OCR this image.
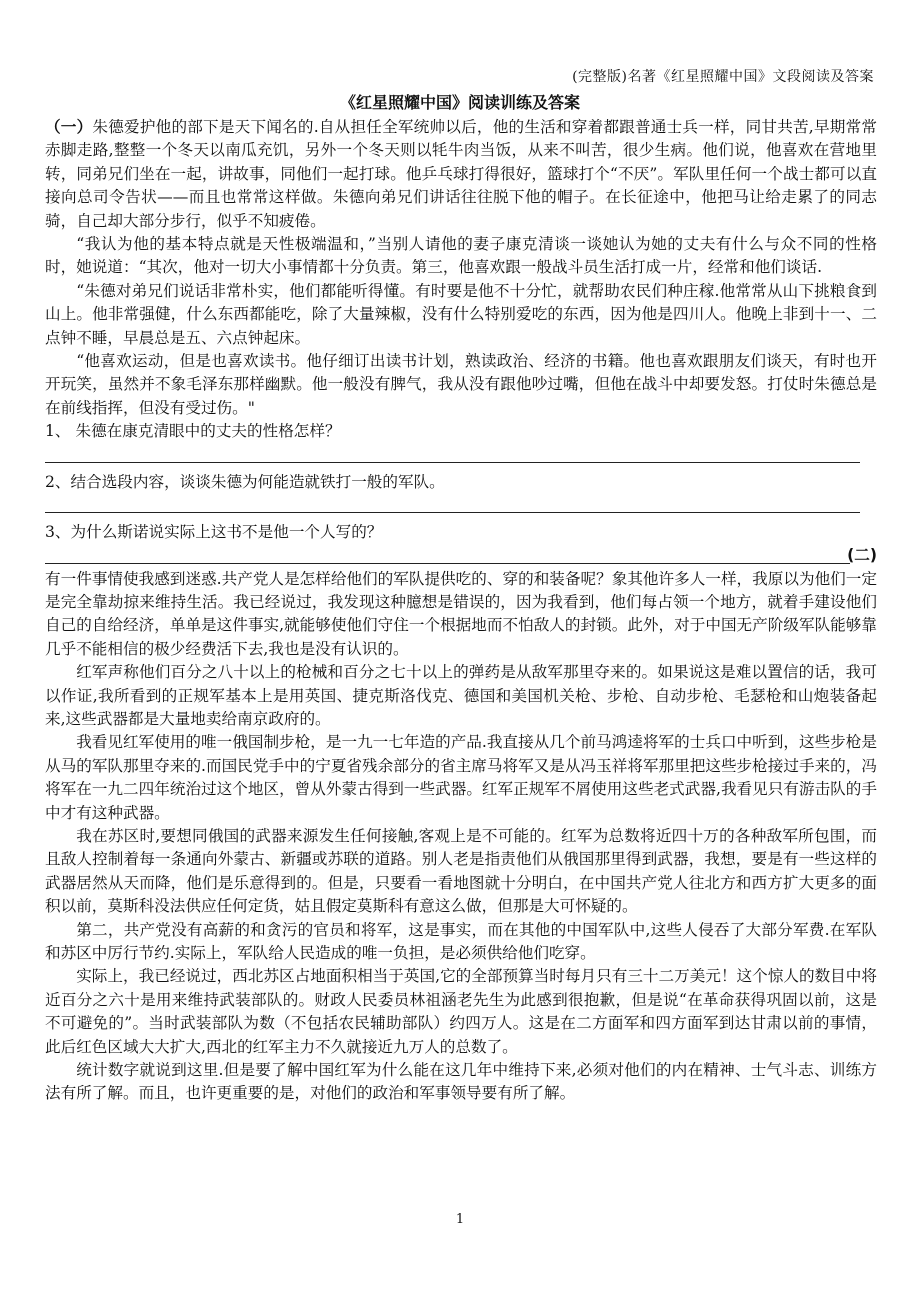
(完整版)名著《红星照耀中国》文段阅读及答案
《红星照耀中国》阅读训练及答案

（一）朱德爱护他的部下是天下闻名的.自从担任全军统帅以后，他的生活和穿着都跟普通士兵一样，同甘共苦,早期常常赤脚走路,整整一个冬天以南瓜充饥，另外一个冬天则以牦牛肉当饭，从来不叫苦，很少生病。他们说，他喜欢在营地里转，同弟兄们坐在一起，讲故事，同他们一起打球。他乒乓球打得很好，篮球打个“不厌”。军队里任何一个战士都可以直接向总司令告状——而且也常常这样做。朱德向弟兄们讲话往往脱下他的帽子。在长征途中，他把马让给走累了的同志骑，自己却大部分步行，似乎不知疲倦。

“我认为他的基本特点就是天性极端温和，”当别人请他的妻子康克清谈一谈她认为她的丈夫有什么与众不同的性格时，她说道：“其次，他对一切大小事情都十分负责。第三，他喜欢跟一般战斗员生活打成一片，经常和他们谈话.

“朱德对弟兄们说话非常朴实，他们都能听得懂。有时要是他不十分忙，就帮助农民们种庄稼.他常常从山下挑粮食到山上。他非常强健，什么东西都能吃，除了大量辣椒，没有什么特别爱吃的东西，因为他是四川人。他晚上非到十一、二点钟不睡，早晨总是五、六点钟起床。

“他喜欢运动，但是也喜欢读书。他仔细订出读书计划，熟读政治、经济的书籍。他也喜欢跟朋友们谈天，有时也开开玩笑，虽然并不象毛泽东那样幽默。他一般没有脾气，我从没有跟他吵过嘴，但他在战斗中却要发怒。打仗时朱德总是在前线指挥，但没有受过伤。"

1、 朱德在康克清眼中的丈夫的性格怎样？

2、结合选段内容，谈谈朱德为何能造就铁打一般的军队。

3、为什么斯诺说实际上这书不是他一个人写的？

(二)

有一件事情使我感到迷惑.共产党人是怎样给他们的军队提供吃的、穿的和装备呢？象其他许多人一样，我原以为他们一定是完全靠劫掠来维持生活。我已经说过，我发现这种臆想是错误的，因为我看到，他们每占领一个地方，就着手建设他们自己的自给经济，单单是这件事实,就能够使他们守住一个根据地而不怕敌人的封锁。此外，对于中国无产阶级军队能够靠几乎不能相信的极少经费活下去,我也是没有认识的。

红军声称他们百分之八十以上的枪械和百分之七十以上的弹药是从敌军那里夺来的。如果说这是难以置信的话，我可以作证,我所看到的正规军基本上是用英国、捷克斯洛伐克、德国和美国机关枪、步枪、自动步枪、毛瑟枪和山炮装备起来,这些武器都是大量地卖给南京政府的。

我看见红军使用的唯一俄国制步枪，是一九一七年造的产品.我直接从几个前马鸿逵将军的士兵口中听到，这些步枪是从马的军队那里夺来的.而国民党手中的宁夏省残余部分的省主席马将军又是从冯玉祥将军那里把这些步枪接过手来的，冯将军在一九二四年统治过这个地区，曾从外蒙古得到一些武器。红军正规军不屑使用这些老式武器,我看见只有游击队的手中才有这种武器。

我在苏区时,要想同俄国的武器来源发生任何接触,客观上是不可能的。红军为总数将近四十万的各种敌军所包围，而且敌人控制着每一条通向外蒙古、新疆或苏联的道路。别人老是指责他们从俄国那里得到武器，我想，要是有一些这样的武器居然从天而降，他们是乐意得到的。但是，只要看一看地图就十分明白，在中国共产党人往北方和西方扩大更多的面积以前，莫斯科没法供应任何定货，姑且假定莫斯科有意这么做，但那是大可怀疑的。

第二，共产党没有高薪的和贪污的官员和将军，这是事实，而在其他的中国军队中,这些人侵吞了大部分军费.在军队和苏区中厉行节约.实际上，军队给人民造成的唯一负担，是必须供给他们吃穿。

实际上，我已经说过，西北苏区占地面积相当于英国,它的全部预算当时每月只有三十二万美元！这个惊人的数目中将近百分之六十是用来维持武装部队的。财政人民委员林祖涵老先生为此感到很抱歉，但是说“在革命获得巩固以前，这是不可避免的”。当时武装部队为数（不包括农民辅助部队）约四万人。这是在二方面军和四方面军到达甘肃以前的事情，此后红色区域大大扩大,西北的红军主力不久就接近九万人的总数了。

统计数字就说到这里.但是要了解中国红军为什么能在这几年中维持下来,必须对他们的内在精神、士气斗志、训练方法有所了解。而且，也许更重要的是，对他们的政治和军事领导要有所了解。

1
